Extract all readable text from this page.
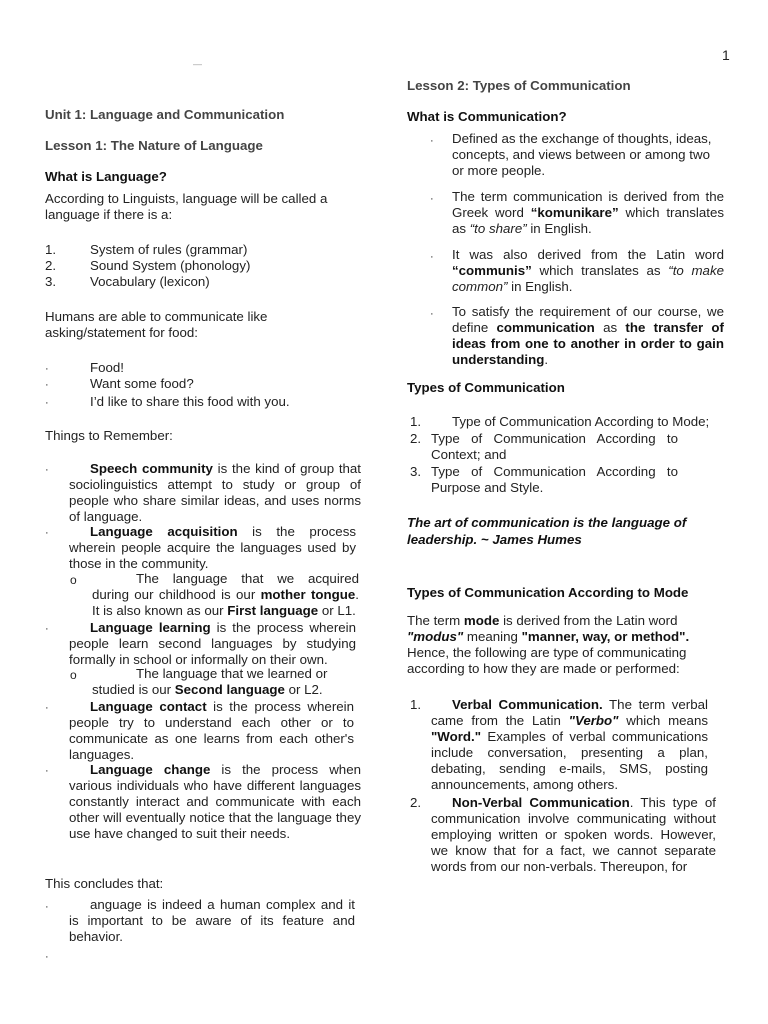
1
—
Unit 1: Language and Communication
Lesson 1: The Nature of Language
What is Language?
According to Linguists, language will be called a language if there is a:
1.	System of rules (grammar)
2.	Sound System (phonology)
3.	Vocabulary (lexicon)
Humans are able to communicate like asking/statement for food:
·	Food!
·	Want some food?
·	I’d like to share this food with you.
Things to Remember:
·	Speech community is the kind of group that sociolinguistics attempt to study or group of people who share similar ideas, and uses norms of language.
·	Language acquisition is the process wherein people acquire the languages used by those in the community.
o	The language that we acquired during our childhood is our mother tongue. It is also known as our First language or L1.
·	Language learning is the process wherein people learn second languages by studying formally in school or informally on their own.
o	The language that we learned or studied is our Second language or L2.
·	Language contact is the process wherein people try to understand each other or to communicate as one learns from each other's languages.
·	Language change is the process when various individuals who have different languages constantly interact and communicate with each other will eventually notice that the language they use have changed to suit their needs.
This concludes that:
·	anguage is indeed a human complex and it is important to be aware of its feature and behavior.
·
Lesson 2: Types of Communication
What is Communication?
· Defined as the exchange of thoughts, ideas, concepts, and views between or among two or more people.
· The term communication is derived from the Greek word “komunikare” which translates as “to share” in English.
· It was also derived from the Latin word “communis” which translates as “to make common” in English.
· To satisfy the requirement of our course, we define communication as the transfer of ideas from one to another in order to gain understanding.
Types of Communication
1.	Type of Communication According to Mode;
2. Type of Communication According to Context; and
3. Type of Communication According to Purpose and Style.
The art of communication is the language of leadership. ~ James Humes
Types of Communication According to Mode
The term mode is derived from the Latin word "modus" meaning "manner, way, or method". Hence, the following are type of communicating according to how they are made or performed:
1.	Verbal Communication. The term verbal came from the Latin "Verbo" which means "Word." Examples of verbal communications include conversation, presenting a plan, debating, sending e-mails, SMS, posting announcements, among others.
2.	Non-Verbal Communication. This type of communication involve communicating without employing written or spoken words. However, we know that for a fact, we cannot separate words from our non-verbals. Thereupon, for
